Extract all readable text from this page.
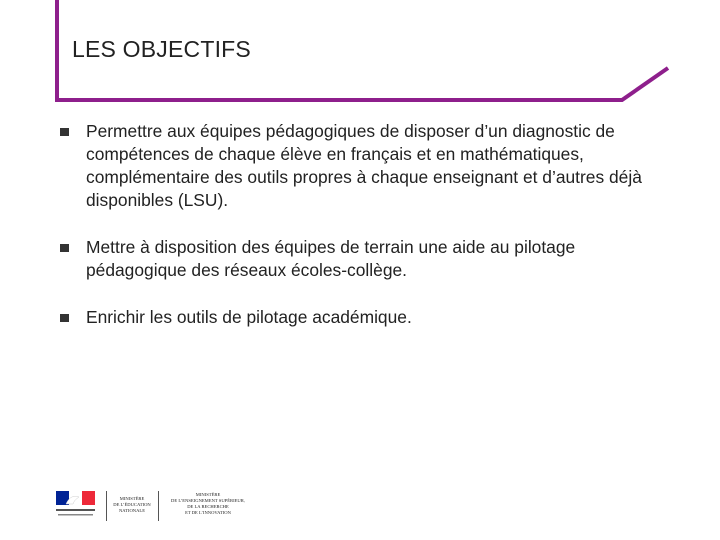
LES OBJECTIFS
Permettre aux équipes pédagogiques de disposer d’un diagnostic de
compétences de chaque élève en français et en mathématiques,
complémentaire des outils propres à chaque enseignant et d’autres déjà
disponibles (LSU).
Mettre à disposition des équipes de terrain une aide au pilotage
pédagogique des réseaux écoles-collège.
Enrichir les outils de pilotage académique.
MINISTÈRE
DE L’ÉDUCATION
NATIONALE
MINISTÈRE
DE L’ENSEIGNEMENT SUPÉRIEUR,
DE LA RECHERCHE
ET DE L’INNOVATION
